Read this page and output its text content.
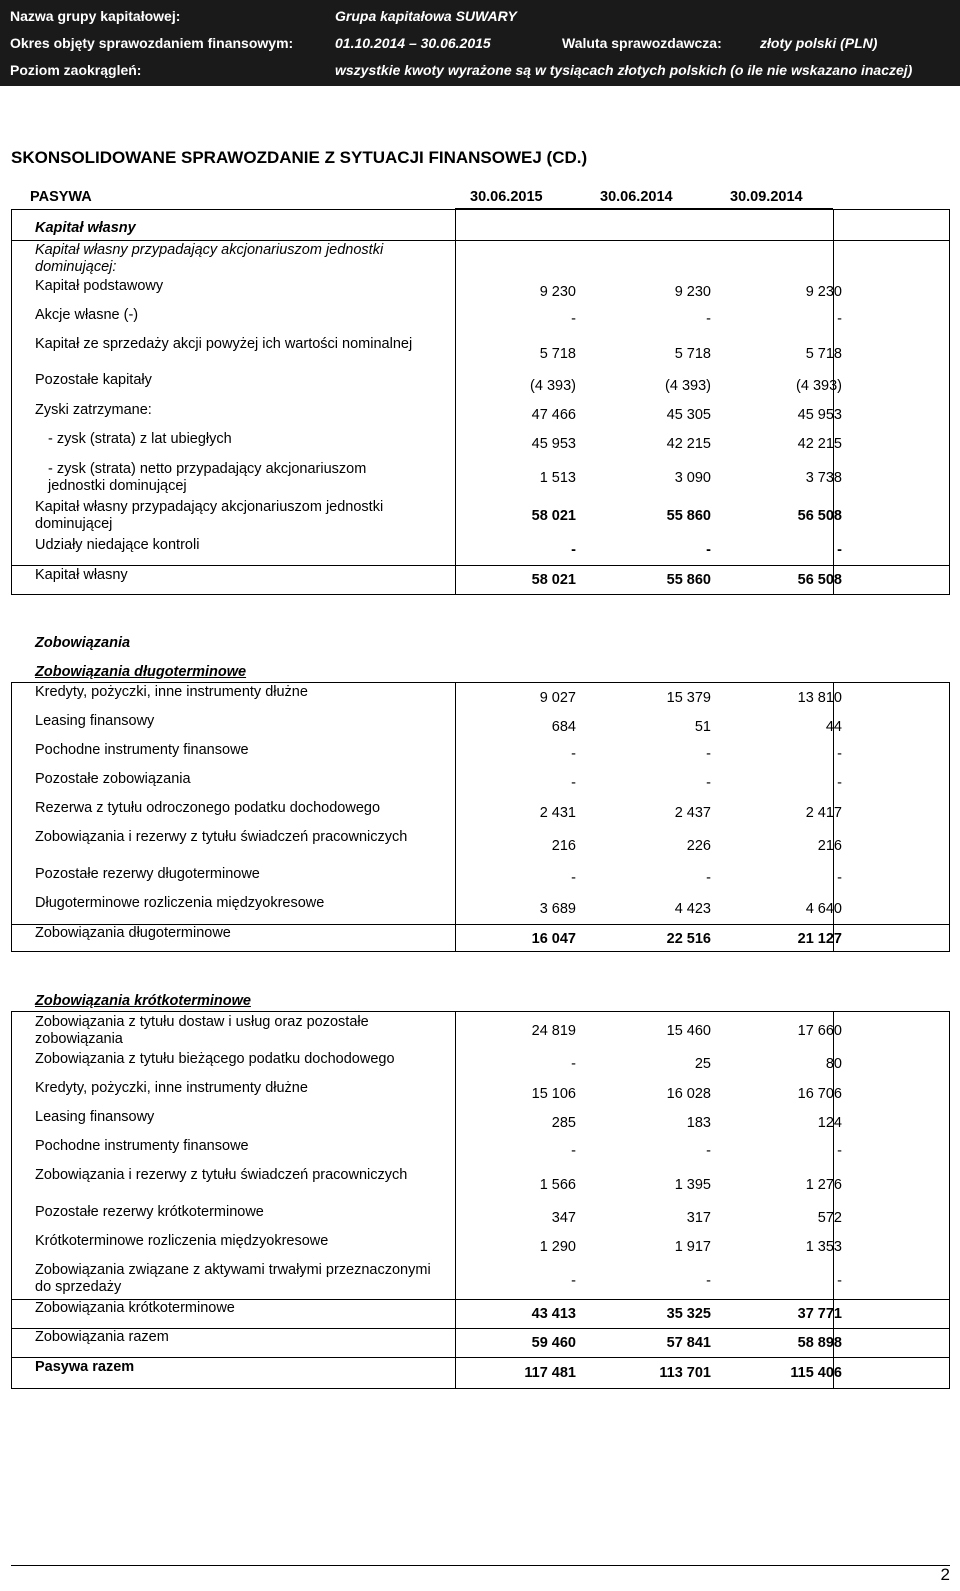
Nazwa grupy kapitałowej:	Grupa kapitałowa SUWARY
Okres objęty sprawozdaniem finansowym:	01.10.2014 – 30.06.2015	Waluta sprawozdawcza:	złoty polski (PLN)
Poziom zaokrągleń:	wszystkie kwoty wyrażone są w tysiącach złotych polskich (o ile nie wskazano inaczej)
SKONSOLIDOWANE SPRAWOZDANIE Z SYTUACJI FINANSOWEJ (CD.)
PASYWA	30.06.2015	30.06.2014	30.09.2014
Kapitał własny
Kapitał własny przypadający akcjonariuszom jednostki dominującej:
Kapitał podstawowy	9 230	9 230	9 230
Akcje własne (-)	-	-	-
Kapitał ze sprzedaży akcji powyżej ich wartości nominalnej
5 718	5 718	5 718
Pozostałe kapitały	(4 393)	(4 393)	(4 393)
Zyski zatrzymane:	47 466	45 305	45 953
- zysk (strata) z lat ubiegłych	45 953	42 215	42 215
- zysk (strata) netto przypadający akcjonariuszom jednostki dominującej	1 513	3 090	3 738
Kapitał własny przypadający akcjonariuszom jednostki dominującej	58 021	55 860	56 508
Udziały niedające kontroli	-	-	-
Kapitał własny	58 021	55 860	56 508
Zobowiązania
Zobowiązania długoterminowe
Kredyty, pożyczki, inne instrumenty dłużne	9 027	15 379	13 810
Leasing finansowy	684	51	44
Pochodne instrumenty finansowe	-	-	-
Pozostałe zobowiązania	-	-	-
Rezerwa z tytułu odroczonego podatku dochodowego	2 431	2 437	2 417
Zobowiązania i rezerwy z tytułu świadczeń pracowniczych
216	226	216
Pozostałe rezerwy długoterminowe	-	-	-
Długoterminowe rozliczenia międzyokresowe	3 689	4 423	4 640
Zobowiązania długoterminowe	16 047	22 516	21 127
Zobowiązania krótkoterminowe
Zobowiązania z tytułu dostaw i usług oraz pozostałe zobowiązania	24 819	15 460	17 660
Zobowiązania z tytułu bieżącego podatku dochodowego	-	25	80
Kredyty, pożyczki, inne instrumenty dłużne	15 106	16 028	16 706
Leasing finansowy	285	183	124
Pochodne instrumenty finansowe	-	-	-
Zobowiązania i rezerwy z tytułu świadczeń pracowniczych
1 566	1 395	1 276
Pozostałe rezerwy krótkoterminowe	347	317	572
Krótkoterminowe rozliczenia międzyokresowe	1 290	1 917	1 353
Zobowiązania związane z aktywami trwałymi przeznaczonymi do sprzedaży	-	-	-
Zobowiązania krótkoterminowe	43 413	35 325	37 771
Zobowiązania razem	59 460	57 841	58 898
Pasywa razem	117 481	113 701	115 406
2
